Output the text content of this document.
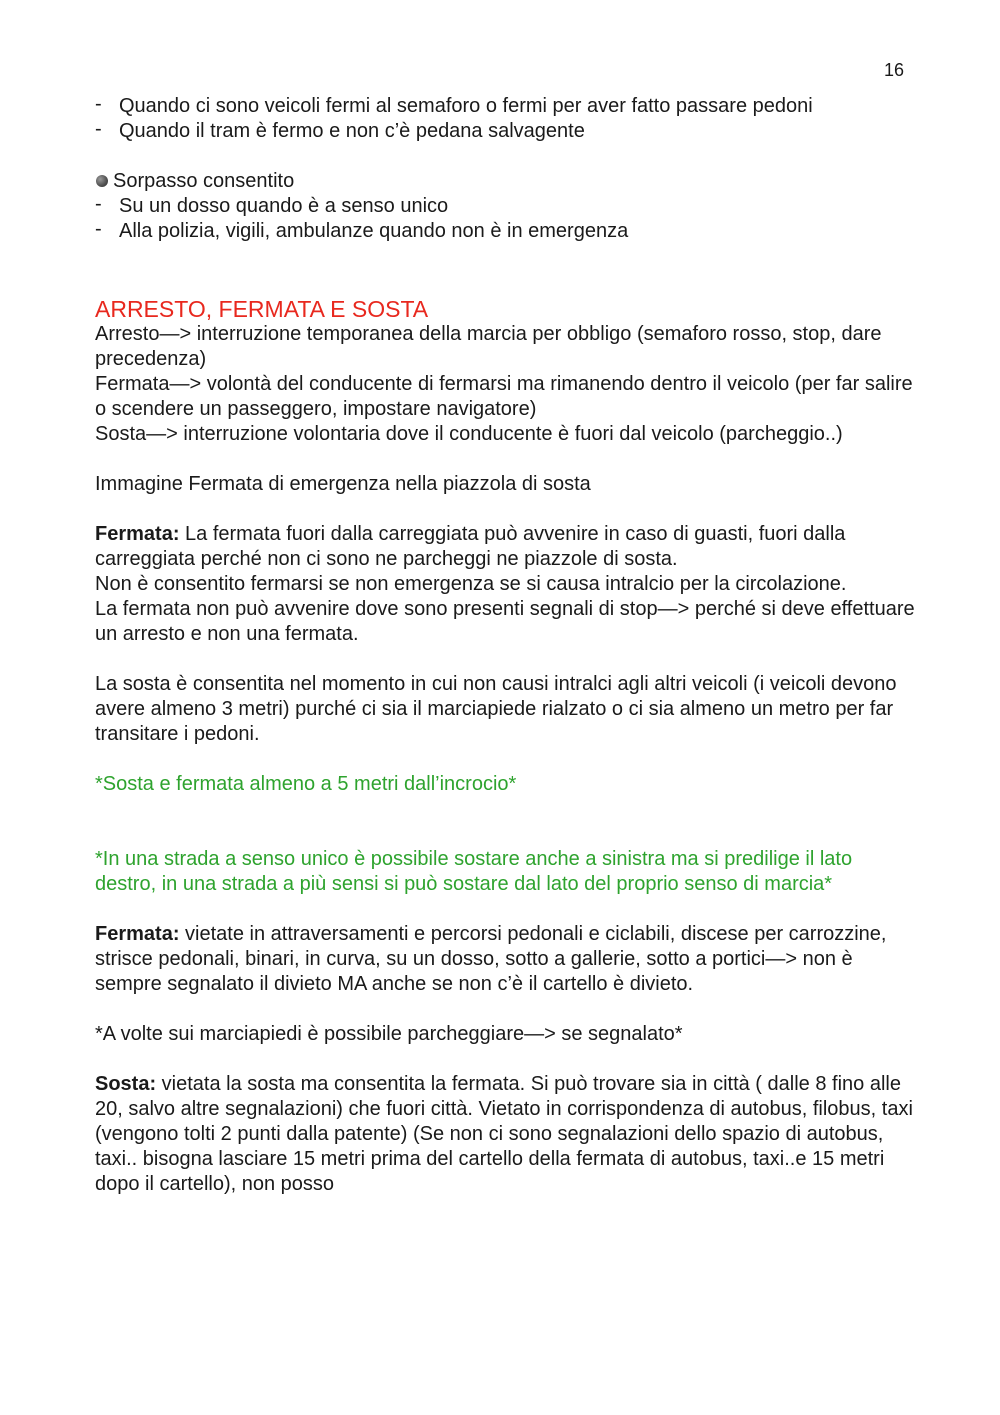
16
- Quando ci sono veicoli fermi al semaforo o fermi per aver fatto passare pedoni
- Quando il tram è fermo e non c’è pedana salvagente
Sorpasso consentito
- Su un dosso quando è a senso unico
- Alla polizia, vigili, ambulanze quando non è in emergenza
ARRESTO, FERMATA E SOSTA

Arresto—> interruzione temporanea della marcia per obbligo (semaforo rosso, stop, dare precedenza)

Fermata—> volontà del conducente di fermarsi ma rimanendo dentro il veicolo (per far salire o scendere un passeggero, impostare navigatore)

Sosta—> interruzione volontaria dove il conducente è fuori dal veicolo (parcheggio..)

Immagine Fermata di emergenza nella piazzola di sosta

Fermata: La fermata fuori dalla carreggiata può avvenire in caso di guasti, fuori dalla carreggiata perché non ci sono ne parcheggi ne piazzole di sosta.

Non è consentito fermarsi se non emergenza se si causa intralcio per la circolazione.

La fermata non può avvenire dove sono presenti segnali di stop—> perché si deve effettuare un arresto e non una fermata.

La sosta è consentita nel momento in cui non causi intralci agli altri veicoli (i veicoli devono avere almeno 3 metri) purché ci sia il marciapiede rialzato o ci sia almeno un metro per far transitare i pedoni.

*Sosta e fermata almeno a 5 metri dall’incrocio*

*In una strada a senso unico è possibile sostare anche a sinistra ma si predilige il lato destro, in una strada a più sensi si può sostare dal lato del proprio senso di marcia*

Fermata: vietate in attraversamenti e percorsi pedonali e ciclabili, discese per carrozzine, strisce pedonali, binari, in curva, su un dosso, sotto a gallerie, sotto a portici—> non è sempre segnalato il divieto MA anche se non c’è il cartello è divieto.

*A volte sui marciapiedi è possibile parcheggiare—> se segnalato*

Sosta: vietata la sosta ma consentita la fermata. Si può trovare sia in città ( dalle 8 fino alle 20, salvo altre segnalazioni) che fuori città. Vietato in corrispondenza di autobus, filobus, taxi (vengono tolti 2 punti dalla patente) (Se non ci sono segnalazioni dello spazio di autobus, taxi.. bisogna lasciare 15 metri prima del cartello della fermata di autobus, taxi..e 15 metri dopo il cartello), non posso
